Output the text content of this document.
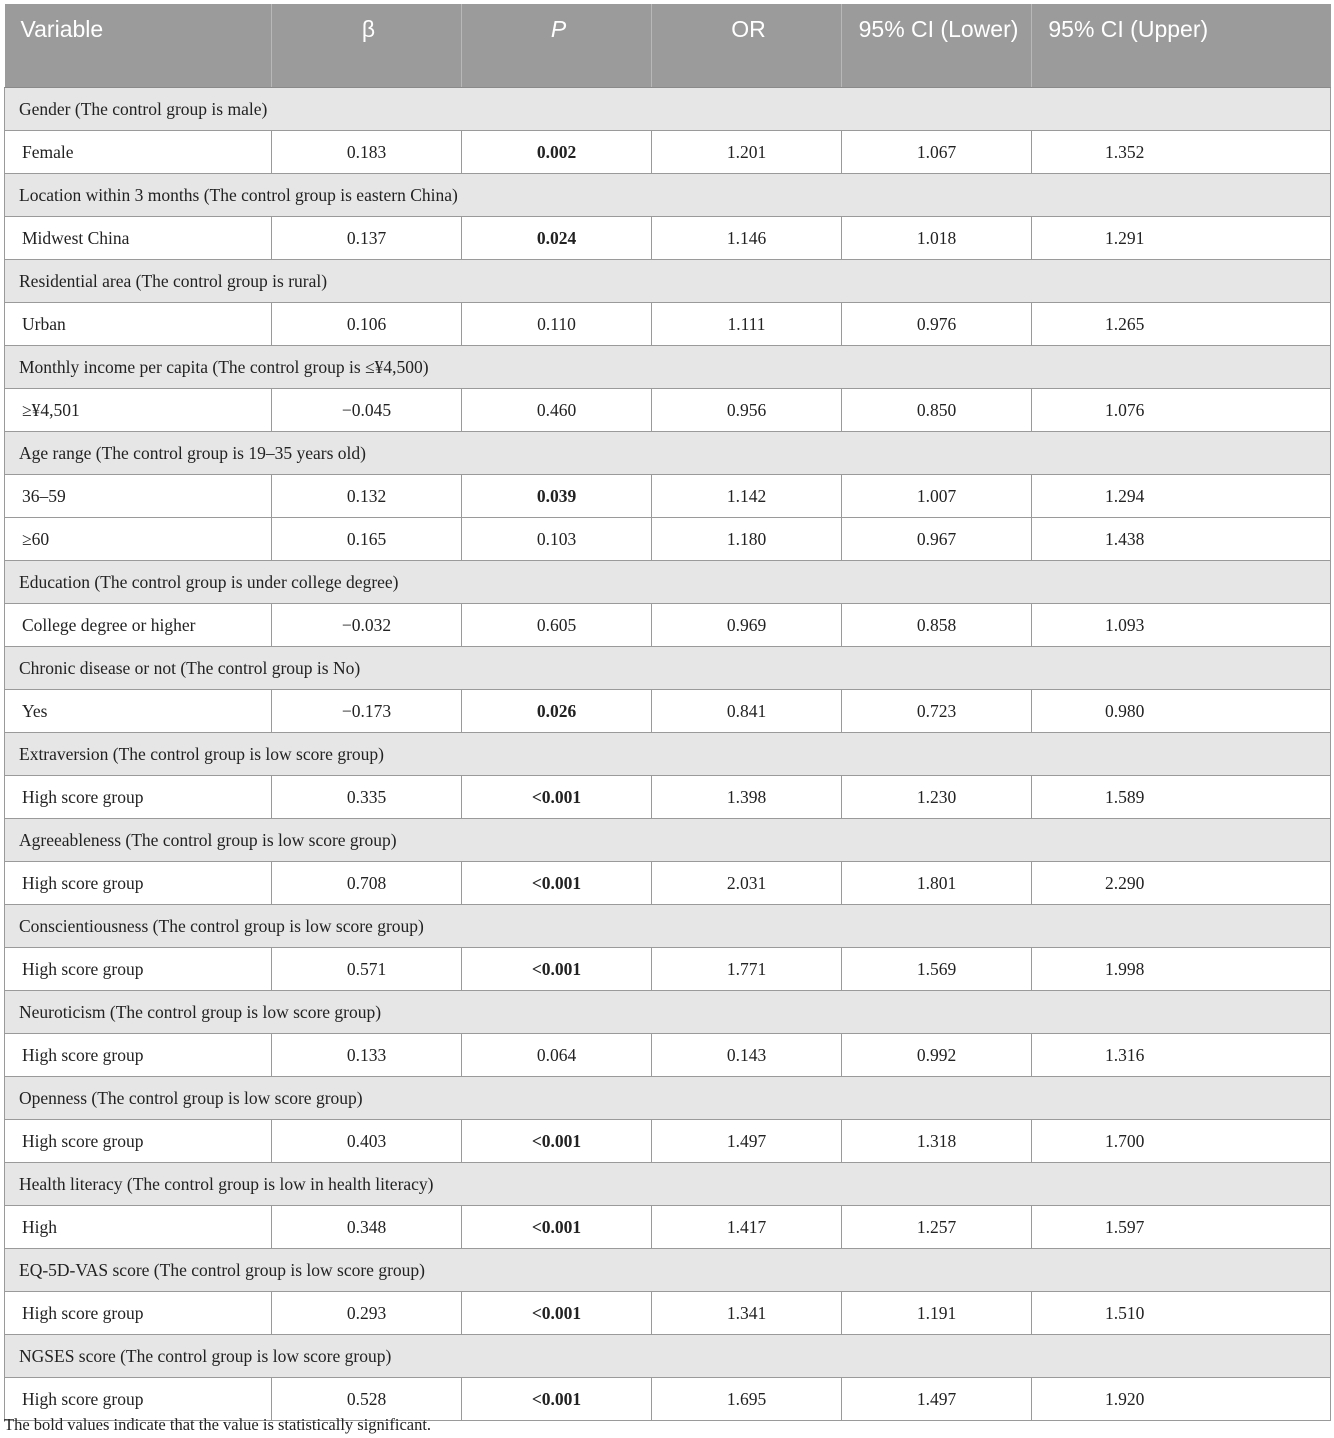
Variable	β	P	OR	95% CI (Lower)	95% CI (Upper)
Gender (The control group is male)					
Female	0.183	0.002	1.201	1.067	1.352
Location within 3 months (The control group is eastern China)					
Midwest China	0.137	0.024	1.146	1.018	1.291
Residential area (The control group is rural)					
Urban	0.106	0.110	1.111	0.976	1.265
Monthly income per capita (The control group is ≤¥4,500)					
≥¥4,501	−0.045	0.460	0.956	0.850	1.076
Age range (The control group is 19–35 years old)					
36–59	0.132	0.039	1.142	1.007	1.294
≥60	0.165	0.103	1.180	0.967	1.438
Education (The control group is under college degree)					
College degree or higher	−0.032	0.605	0.969	0.858	1.093
Chronic disease or not (The control group is No)					
Yes	−0.173	0.026	0.841	0.723	0.980
Extraversion (The control group is low score group)					
High score group	0.335	<0.001	1.398	1.230	1.589
Agreeableness (The control group is low score group)					
High score group	0.708	<0.001	2.031	1.801	2.290
Conscientiousness (The control group is low score group)					
High score group	0.571	<0.001	1.771	1.569	1.998
Neuroticism (The control group is low score group)					
High score group	0.133	0.064	0.143	0.992	1.316
Openness (The control group is low score group)					
High score group	0.403	<0.001	1.497	1.318	1.700
Health literacy (The control group is low in health literacy)					
High	0.348	<0.001	1.417	1.257	1.597
EQ-5D-VAS score (The control group is low score group)					
High score group	0.293	<0.001	1.341	1.191	1.510
NGSES score (The control group is low score group)					
High score group	0.528	<0.001	1.695	1.497	1.920
The bold values indicate that the value is statistically significant.
